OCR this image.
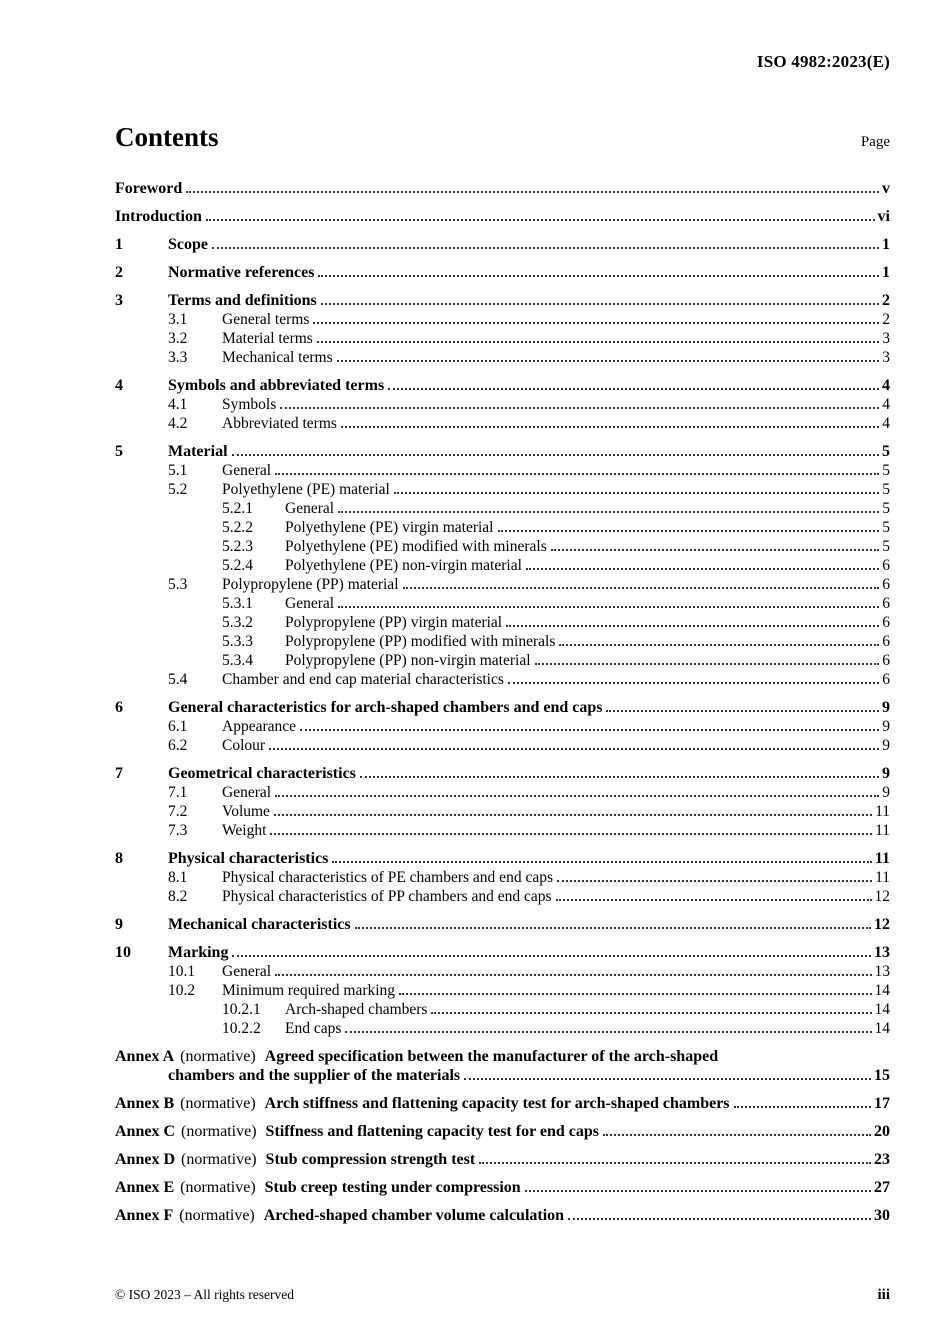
ISO 4982:2023(E)
Contents	Page
Foreword	v
Introduction	vi
1	Scope	1
2	Normative references	1
3	Terms and definitions	2
3.1	General terms	2
3.2	Material terms	3
3.3	Mechanical terms	3
4	Symbols and abbreviated terms	4
4.1	Symbols	4
4.2	Abbreviated terms	4
5	Material	5
5.1	General	5
5.2	Polyethylene (PE) material	5
5.2.1	General	5
5.2.2	Polyethylene (PE) virgin material	5
5.2.3	Polyethylene (PE) modified with minerals	5
5.2.4	Polyethylene (PE) non-virgin material	6
5.3	Polypropylene (PP) material	6
5.3.1	General	6
5.3.2	Polypropylene (PP) virgin material	6
5.3.3	Polypropylene (PP) modified with minerals	6
5.3.4	Polypropylene (PP) non-virgin material	6
5.4	Chamber and end cap material characteristics	6
6	General characteristics for arch-shaped chambers and end caps	9
6.1	Appearance	9
6.2	Colour	9
7	Geometrical characteristics	9
7.1	General	9
7.2	Volume	11
7.3	Weight	11
8	Physical characteristics	11
8.1	Physical characteristics of PE chambers and end caps	11
8.2	Physical characteristics of PP chambers and end caps	12
9	Mechanical characteristics	12
10	Marking	13
10.1	General	13
10.2	Minimum required marking	14
10.2.1	Arch-shaped chambers	14
10.2.2	End caps	14
Annex A (normative) Agreed specification between the manufacturer of the arch-shaped
chambers and the supplier of the materials	15
Annex B (normative) Arch stiffness and flattening capacity test for arch-shaped chambers	17
Annex C (normative) Stiffness and flattening capacity test for end caps	20
Annex D (normative) Stub compression strength test	23
Annex E (normative) Stub creep testing under compression	27
Annex F (normative) Arched-shaped chamber volume calculation	30
© ISO 2023 – All rights reserved	iii
